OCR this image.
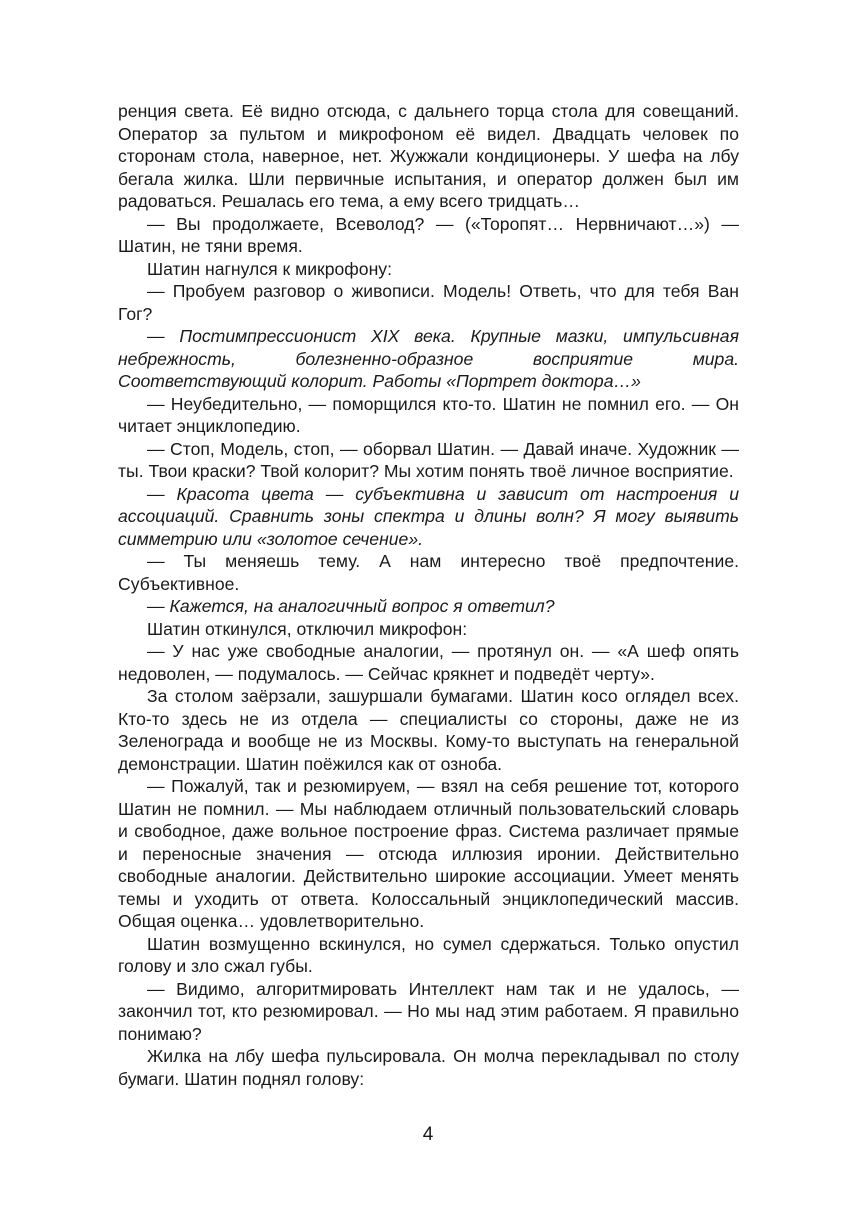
ренция света. Её видно отсюда, с дальнего торца стола для совещаний. Оператор за пультом и микрофоном её видел. Двадцать человек по сторонам стола, наверное, нет. Жужжали кондиционеры. У шефа на лбу бегала жилка. Шли первичные испытания, и оператор должен был им радоваться. Решалась его тема, а ему всего тридцать…

— Вы продолжаете, Всеволод? — («Торопят… Нервничают…») — Шатин, не тяни время.

Шатин нагнулся к микрофону:

— Пробуем разговор о живописи. Модель! Ответь, что для тебя Ван Гог?

— Постимпрессионист XIX века. Крупные мазки, импульсивная небрежность, болезненно-образное восприятие мира. Соответствующий колорит. Работы «Портрет доктора…»

— Неубедительно, — поморщился кто-то. Шатин не помнил его. — Он читает энциклопедию.

— Стоп, Модель, стоп, — оборвал Шатин. — Давай иначе. Художник — ты. Твои краски? Твой колорит? Мы хотим понять твоё личное восприятие.

— Красота цвета — субъективна и зависит от настроения и ассоциаций. Сравнить зоны спектра и длины волн? Я могу выявить симметрию или «золотое сечение».

— Ты меняешь тему. А нам интересно твоё предпочтение. Субъективное.

— Кажется, на аналогичный вопрос я ответил?

Шатин откинулся, отключил микрофон:

— У нас уже свободные аналогии, — протянул он. — «А шеф опять недоволен, — подумалось. — Сейчас крякнет и подведёт черту».

За столом заёрзали, зашуршали бумагами. Шатин косо оглядел всех. Кто-то здесь не из отдела — специалисты со стороны, даже не из Зеленограда и вообще не из Москвы. Кому-то выступать на генеральной демонстрации. Шатин поёжился как от озноба.

— Пожалуй, так и резюмируем, — взял на себя решение тот, которого Шатин не помнил. — Мы наблюдаем отличный пользовательский словарь и свободное, даже вольное построение фраз. Система различает прямые и переносные значения — отсюда иллюзия иронии. Действительно свободные аналогии. Действительно широкие ассоциации. Умеет менять темы и уходить от ответа. Колоссальный энциклопедический массив. Общая оценка… удовлетворительно.

Шатин возмущенно вскинулся, но сумел сдержаться. Только опустил голову и зло сжал губы.

— Видимо, алгоритмировать Интеллект нам так и не удалось, — закончил тот, кто резюмировал. — Но мы над этим работаем. Я правильно понимаю?

Жилка на лбу шефа пульсировала. Он молча перекладывал по столу бумаги. Шатин поднял голову:

4
